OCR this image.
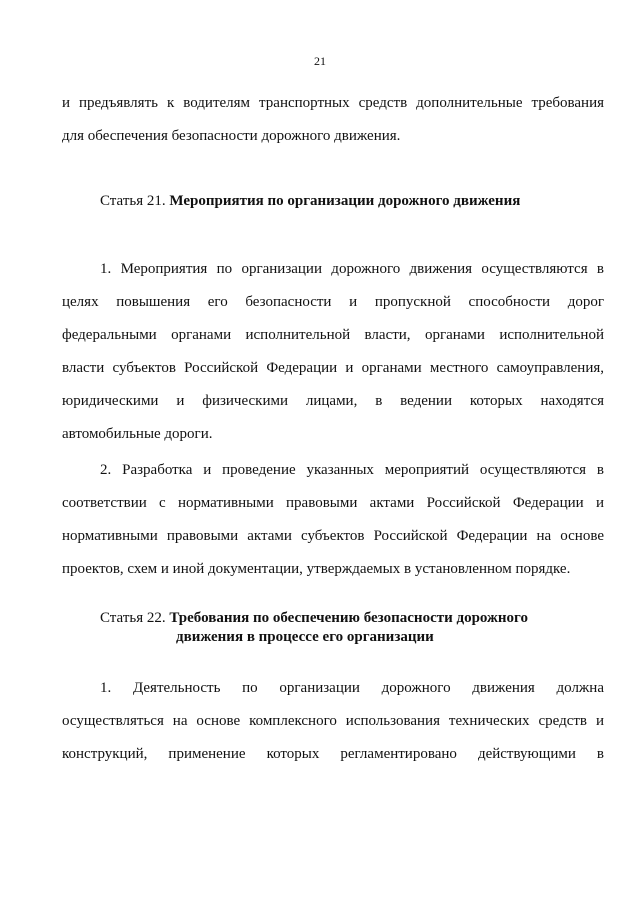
21
и предъявлять к водителям транспортных средств дополнительные требования
для обеспечения безопасности дорожного движения.
Статья 21. Мероприятия по организации дорожного движения
1. Мероприятия по организации дорожного движения осуществляются в
целях повышения его безопасности и пропускной способности дорог
федеральными органами исполнительной власти, органами исполнительной
власти субъектов Российской Федерации и органами местного самоуправления,
юридическими и физическими лицами, в ведении которых находятся
автомобильные дороги.
2. Разработка и проведение указанных мероприятий осуществляются в
соответствии с нормативными правовыми актами Российской Федерации и
нормативными правовыми актами субъектов Российской Федерации на основе
проектов, схем и иной документации, утверждаемых в установленном порядке.
Статья 22. Требования по обеспечению безопасности дорожного
движения в процессе его организации
1. Деятельность по организации дорожного движения должна
осуществляться на основе комплексного использования технических средств и
конструкций, применение которых регламентировано действующими в
